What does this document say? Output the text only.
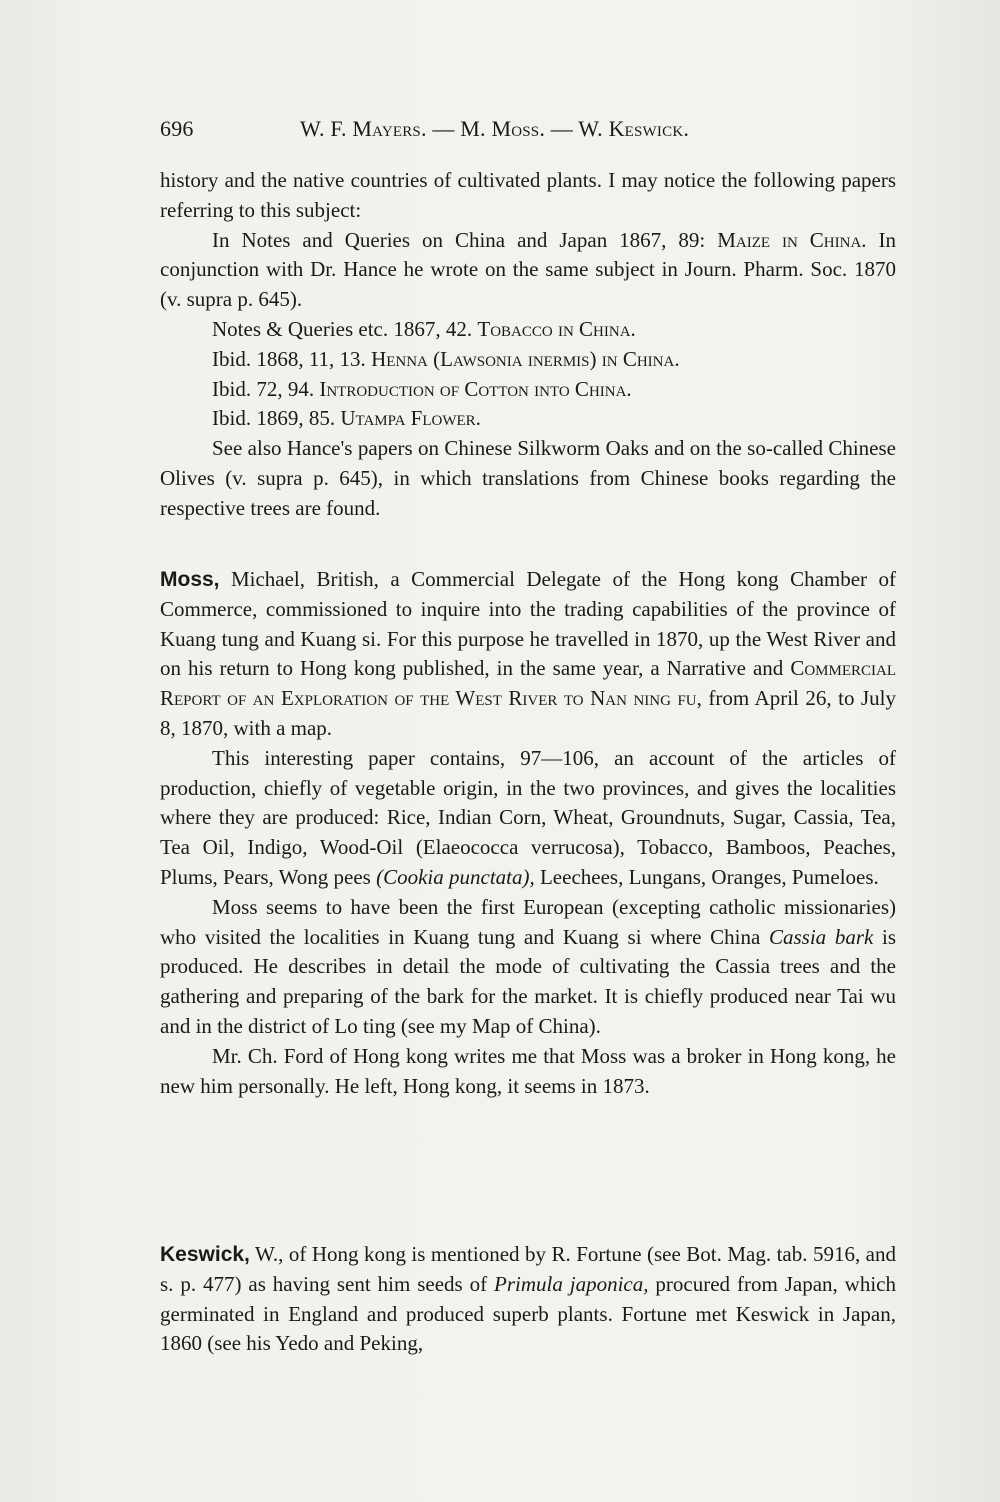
696	W. F. Mayers. — M. Moss. — W. Keswick.

history and the native countries of cultivated plants. I may notice the following papers referring to this subject:

In Notes and Queries on China and Japan 1867, 89: Maize in China. In conjunction with Dr. Hance he wrote on the same subject in Journ. Pharm. Soc. 1870 (v. supra p. 645).

Notes & Queries etc. 1867, 42. Tobacco in China.

Ibid. 1868, 11, 13. Henna (Lawsonia inermis) in China.

Ibid. 72, 94. Introduction of Cotton into China.

Ibid. 1869, 85. Utampa Flower.

See also Hance's papers on Chinese Silkworm Oaks and on the so-called Chinese Olives (v. supra p. 645), in which translations from Chinese books regarding the respective trees are found.

Moss, Michael, British, a Commercial Delegate of the Hong kong Chamber of Commerce, commissioned to inquire into the trading capabilities of the province of Kuang tung and Kuang si. For this purpose he travelled in 1870, up the West River and on his return to Hong kong published, in the same year, a Narrative and Commercial Report of an Exploration of the West River to Nan ning fu, from April 26, to July 8, 1870, with a map.

This interesting paper contains, 97—106, an account of the articles of production, chiefly of vegetable origin, in the two provinces, and gives the localities where they are produced: Rice, Indian Corn, Wheat, Groundnuts, Sugar, Cassia, Tea, Tea Oil, Indigo, Wood-Oil (Elaeococca verrucosa), Tobacco, Bamboos, Peaches, Plums, Pears, Wong pees (Cookia punctata), Leechees, Lungans, Oranges, Pumeloes.

Moss seems to have been the first European (excepting catholic missionaries) who visited the localities in Kuang tung and Kuang si where China Cassia bark is produced. He describes in detail the mode of cultivating the Cassia trees and the gathering and preparing of the bark for the market. It is chiefly produced near Tai wu and in the district of Lo ting (see my Map of China).

Mr. Ch. Ford of Hong kong writes me that Moss was a broker in Hong kong, he new him personally. He left, Hong kong, it seems in 1873.

Keswick, W., of Hong kong is mentioned by R. Fortune (see Bot. Mag. tab. 5916, and s. p. 477) as having sent him seeds of Primula japonica, procured from Japan, which germinated in England and produced superb plants. Fortune met Keswick in Japan, 1860 (see his Yedo and Peking,
